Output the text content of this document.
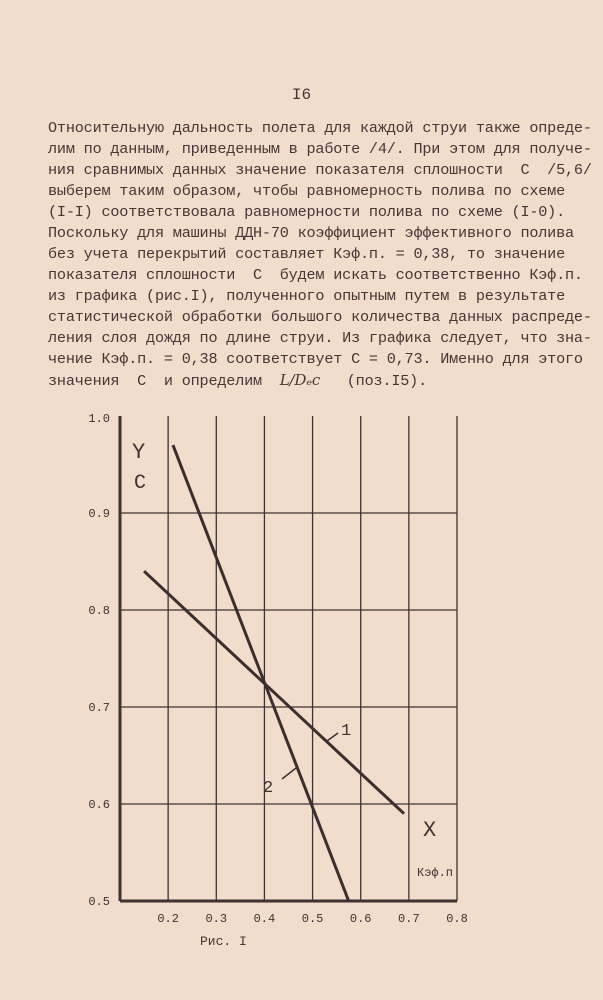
I6
Относительную дальность полета для каждой струи также опреде-
лим по данным, приведенным в работе /4/. При этом для получе-
ния сравнимых данных значение показателя сплошности  С  /5,6/
выберем таким образом, чтобы равномерность полива по схеме
(I-I) соответствовала равномерности полива по схеме (I-0).
Поскольку для машины ДДН-70 коэффициент эффективного полива
без учета перекрытий составляет Кэф.п. = 0,38, то значение
показателя сплошности  С  будем искать соответственно Кэф.п.
из графика (рис.I), полученного опытным путем в результате
статистической обработки большого количества данных распреде-
ления слоя дождя по длине струи. Из графика следует, что зна-
чение Кэф.п. = 0,38 соответствует С = 0,73. Именно для этого
значения  С  и определим  L/Dₑc   (поз.I5).
0.2 0.3 0.4 0.5 0.6 0.7 0.8
1.0
0.9
0.8
0.7
0.6
0.5
1
2
Y
C
X
Кэф.п
Рис. I
